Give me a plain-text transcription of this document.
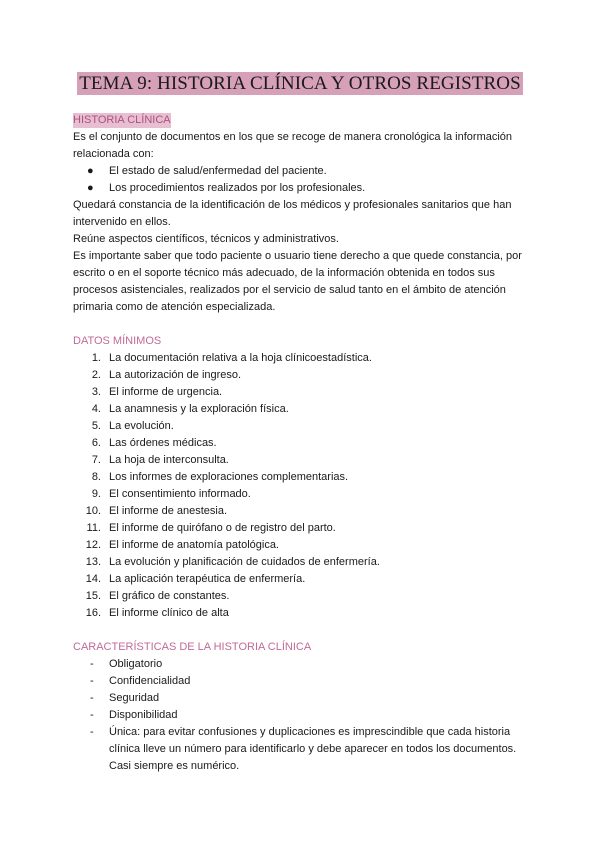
TEMA 9: HISTORIA CLÍNICA Y OTROS REGISTROS
HISTORIA CLÍNICA

Es el conjunto de documentos en los que se recoge de manera cronológica la información relacionada con:

● El estado de salud/enfermedad del paciente.
● Los procedimientos realizados por los profesionales.

Quedará constancia de la identificación de los médicos y profesionales sanitarios que han intervenido en ellos.

Reúne aspectos científicos, técnicos y administrativos.

Es importante saber que todo paciente o usuario tiene derecho a que quede constancia, por escrito o en el soporte técnico más adecuado, de la información obtenida en todos sus procesos asistenciales, realizados por el servicio de salud tanto en el ámbito de atención primaria como de atención especializada.

DATOS MÍNIMOS

1. La documentación relativa a la hoja clínicoestadística.
2. La autorización de ingreso.
3. El informe de urgencia.
4. La anamnesis y la exploración física.
5. La evolución.
6. Las órdenes médicas.
7. La hoja de interconsulta.
8. Los informes de exploraciones complementarias.
9. El consentimiento informado.
10. El informe de anestesia.
11. El informe de quirófano o de registro del parto.
12. El informe de anatomía patológica.
13. La evolución y planificación de cuidados de enfermería.
14. La aplicación terapéutica de enfermería.
15. El gráfico de constantes.
16. El informe clínico de alta

CARACTERÍSTICAS DE LA HISTORIA CLÍNICA

- Obligatorio
- Confidencialidad
- Seguridad
- Disponibilidad
- Única: para evitar confusiones y duplicaciones es imprescindible que cada historia clínica lleve un número para identificarlo y debe aparecer en todos los documentos. Casi siempre es numérico.
